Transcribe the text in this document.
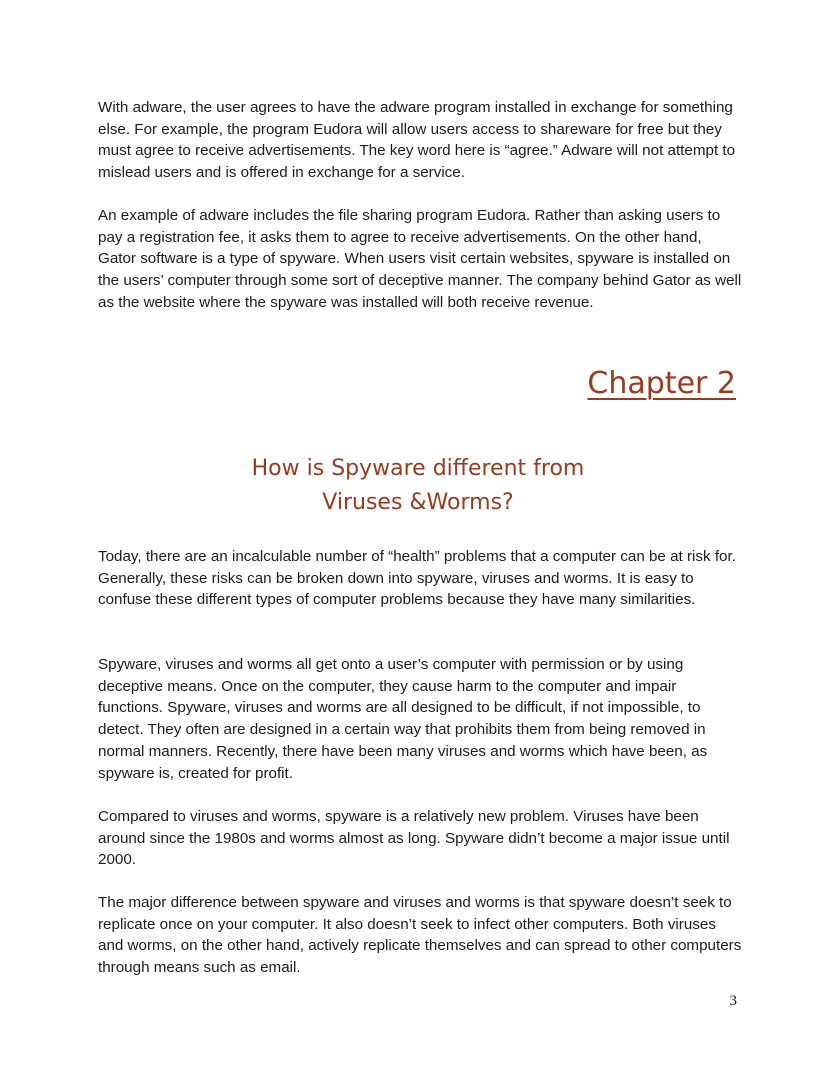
With adware, the user agrees to have the adware program installed in exchange for something else. For example, the program Eudora will allow users access to shareware for free but they must agree to receive advertisements. The key word here is “agree.” Adware will not attempt to mislead users and is offered in exchange for a service.

An example of adware includes the file sharing program Eudora. Rather than asking users to pay a registration fee, it asks them to agree to receive advertisements. On the other hand, Gator software is a type of spyware. When users visit certain websites, spyware is installed on the users’ computer through some sort of deceptive manner. The company behind Gator as well as the website where the spyware was installed will both receive revenue.

Chapter 2
How is Spyware different from
Viruses &Worms?

Today, there are an incalculable number of “health” problems that a computer can be at risk for. Generally, these risks can be broken down into spyware, viruses and worms. It is easy to confuse these different types of computer problems because they have many similarities.

Spyware, viruses and worms all get onto a user’s computer with permission or by using deceptive means. Once on the computer, they cause harm to the computer and impair functions. Spyware, viruses and worms are all designed to be difficult, if not impossible, to detect. They often are designed in a certain way that prohibits them from being removed in normal manners. Recently, there have been many viruses and worms which have been, as spyware is, created for profit.

Compared to viruses and worms, spyware is a relatively new problem. Viruses have been around since the 1980s and worms almost as long. Spyware didn’t become a major issue until 2000.

The major difference between spyware and viruses and worms is that spyware doesn’t seek to replicate once on your computer. It also doesn’t seek to infect other computers. Both viruses and worms, on the other hand, actively replicate themselves and can spread to other computers through means such as email.

3
